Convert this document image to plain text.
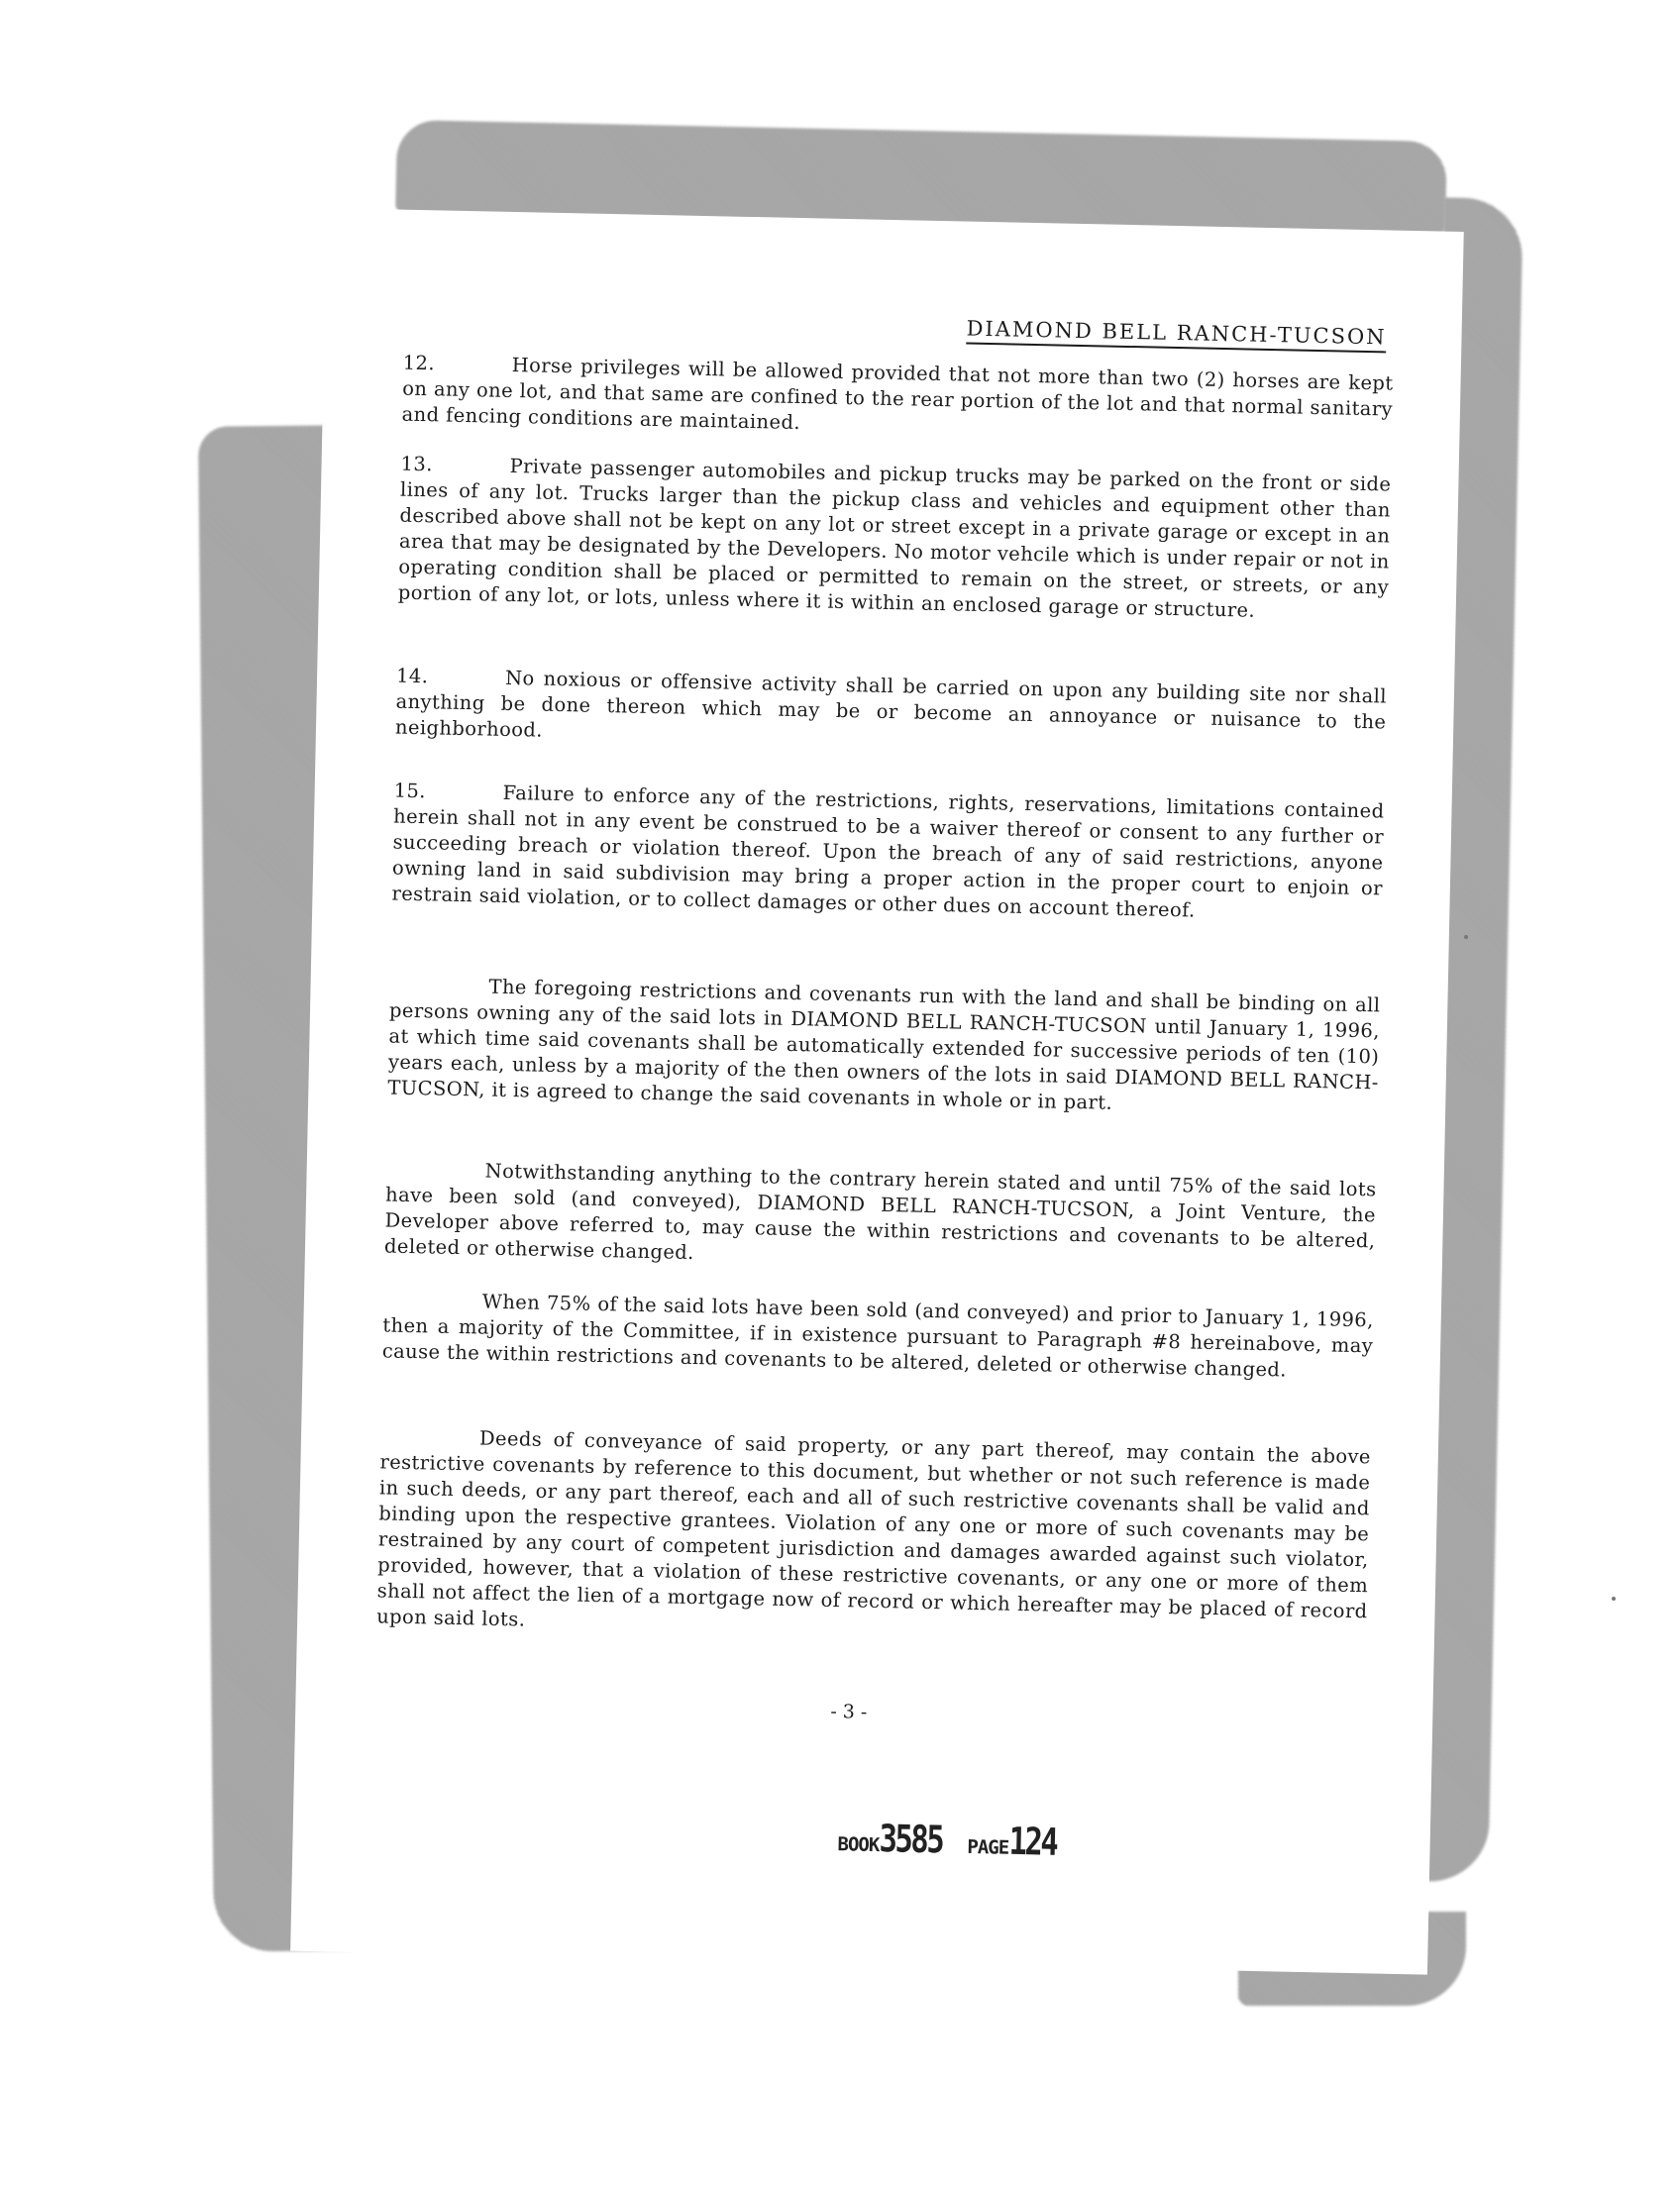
DIAMOND BELL RANCH-TUCSON

12.	Horse privileges will be allowed provided that not more than two (2) horses are kept on any one lot, and that same are confined to the rear portion of the lot and that normal sanitary and fencing conditions are maintained.

13.	Private passenger automobiles and pickup trucks may be parked on the front or side lines of any lot. Trucks larger than the pickup class and vehicles and equipment other than described above shall not be kept on any lot or street except in a private garage or except in an area that may be designated by the Developers. No motor vehcile which is under repair or not in operating condition shall be placed or permitted to remain on the street, or streets, or any portion of any lot, or lots, unless where it is within an enclosed garage or structure.

14.	No noxious or offensive activity shall be carried on upon any building site nor shall anything be done thereon which may be or become an annoyance or nuisance to the neighborhood.

15.	Failure to enforce any of the restrictions, rights, reservations, limitations contained herein shall not in any event be construed to be a waiver thereof or consent to any further or succeeding breach or violation thereof. Upon the breach of any of said restrictions, anyone owning land in said subdivision may bring a proper action in the proper court to enjoin or restrain said violation, or to collect damages or other dues on account thereof.

The foregoing restrictions and covenants run with the land and shall be binding on all persons owning any of the said lots in DIAMOND BELL RANCH-TUCSON until January 1, 1996, at which time said covenants shall be automatically extended for successive periods of ten (10) years each, unless by a majority of the then owners of the lots in said DIAMOND BELL RANCH-TUCSON, it is agreed to change the said covenants in whole or in part.

Notwithstanding anything to the contrary herein stated and until 75% of the said lots have been sold (and conveyed), DIAMOND BELL RANCH-TUCSON, a Joint Venture, the Developer above referred to, may cause the within restrictions and covenants to be altered, deleted or otherwise changed.

When 75% of the said lots have been sold (and conveyed) and prior to January 1, 1996, then a majority of the Committee, if in existence pursuant to Paragraph #8 hereinabove, may cause the within restrictions and covenants to be altered, deleted or otherwise changed.

Deeds of conveyance of said property, or any part thereof, may contain the above restrictive covenants by reference to this document, but whether or not such reference is made in such deeds, or any part thereof, each and all of such restrictive covenants shall be valid and binding upon the respective grantees. Violation of any one or more of such covenants may be restrained by any court of competent jurisdiction and damages awarded against such violator, provided, however, that a violation of these restrictive covenants, or any one or more of them shall not affect the lien of a mortgage now of record or which hereafter may be placed of record upon said lots.

- 3 -
BOOK3585 PAGE124
